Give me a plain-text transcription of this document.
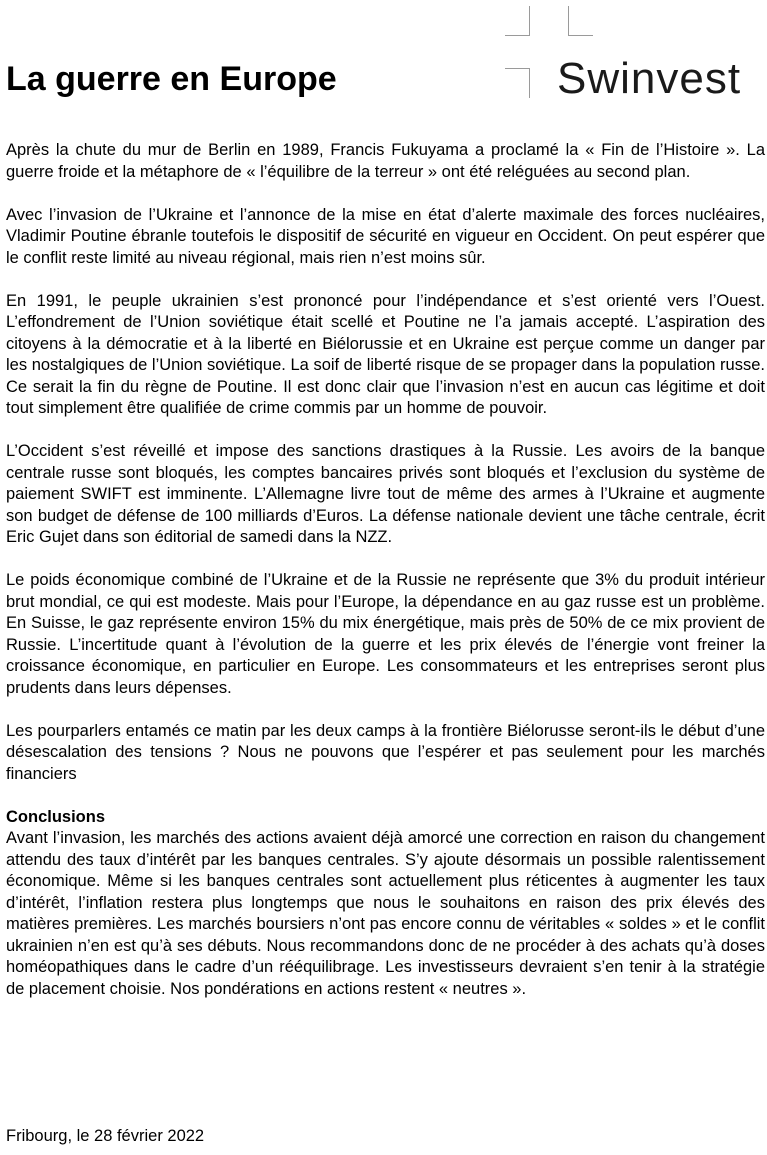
Swinvest
La guerre en Europe

Après la chute du mur de Berlin en 1989, Francis Fukuyama a proclamé la « Fin de l’Histoire ». La guerre froide et la métaphore de « l’équilibre de la terreur » ont été reléguées au second plan.

Avec l’invasion de l’Ukraine et l’annonce de la mise en état d’alerte maximale des forces nucléaires, Vladimir Poutine ébranle toutefois le dispositif de sécurité en vigueur en Occident. On peut espérer que le conflit reste limité au niveau régional, mais rien n’est moins sûr.

En 1991, le peuple ukrainien s’est prononcé pour l’indépendance et s’est orienté vers l’Ouest. L’effondrement de l’Union soviétique était scellé et Poutine ne l’a jamais accepté. L’aspiration des citoyens à la démocratie et à la liberté en Biélorussie et en Ukraine est perçue comme un danger par les nostalgiques de l’Union soviétique. La soif de liberté risque de se propager dans la population russe. Ce serait la fin du règne de Poutine. Il est donc clair que l’invasion n’est en aucun cas légitime et doit tout simplement être qualifiée de crime commis par un homme de pouvoir.

L’Occident s’est réveillé et impose des sanctions drastiques à la Russie. Les avoirs de la banque centrale russe sont bloqués, les comptes bancaires privés sont bloqués et l’exclusion du système de paiement SWIFT est imminente. L’Allemagne livre tout de même des armes à l’Ukraine et augmente son budget de défense de 100 milliards d’Euros. La défense nationale devient une tâche centrale, écrit Eric Gujet dans son éditorial de samedi dans la NZZ.

Le poids économique combiné de l’Ukraine et de la Russie ne représente que 3% du produit intérieur brut mondial, ce qui est modeste. Mais pour l’Europe, la dépendance en au gaz russe est un problème. En Suisse, le gaz représente environ 15% du mix énergétique, mais près de 50% de ce mix provient de Russie. L’incertitude quant à l’évolution de la guerre et les prix élevés de l’énergie vont freiner la croissance économique, en particulier en Europe. Les consommateurs et les entreprises seront plus prudents dans leurs dépenses.

Les pourparlers entamés ce matin par les deux camps à la frontière Biélorusse seront-ils le début d’une désescalation des tensions ? Nous ne pouvons que l’espérer et pas seulement pour les marchés financiers

Conclusions

Avant l’invasion, les marchés des actions avaient déjà amorcé une correction en raison du changement attendu des taux d’intérêt par les banques centrales. S’y ajoute désormais un possible ralentissement économique. Même si les banques centrales sont actuellement plus réticentes à augmenter les taux d’intérêt, l’inflation restera plus longtemps que nous le souhaitons en raison des prix élevés des matières premières. Les marchés boursiers n’ont pas encore connu de véritables « soldes » et le conflit ukrainien n’en est qu’à ses débuts. Nous recommandons donc de ne procéder à des achats qu’à doses homéopathiques dans le cadre d’un rééquilibrage. Les investisseurs devraient s’en tenir à la stratégie de placement choisie. Nos pondérations en actions restent « neutres ».

Fribourg, le 28 février 2022
